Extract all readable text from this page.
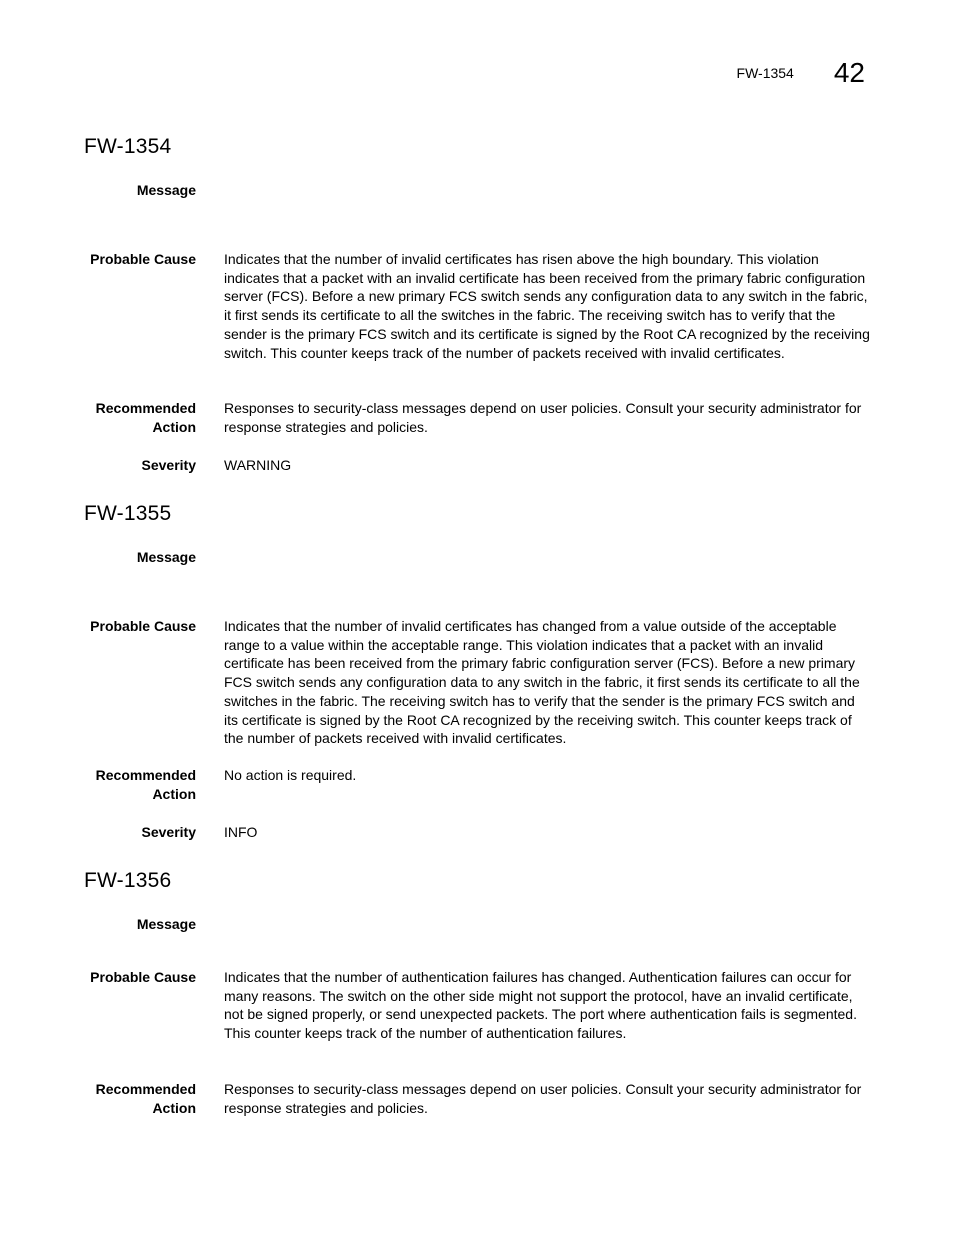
FW-1354 42
FW-1354
Message
Probable Cause Indicates that the number of invalid certificates has risen above the high boundary. This violation indicates that a packet with an invalid certificate has been received from the primary fabric configuration server (FCS). Before a new primary FCS switch sends any configuration data to any switch in the fabric, it first sends its certificate to all the switches in the fabric. The receiving switch has to verify that the sender is the primary FCS switch and its certificate is signed by the Root CA recognized by the receiving switch. This counter keeps track of the number of packets received with invalid certificates.
Recommended
Action
Responses to security-class messages depend on user policies. Consult your security administrator for response strategies and policies.
Severity WARNING
FW-1355
Message
Probable Cause Indicates that the number of invalid certificates has changed from a value outside of the acceptable range to a value within the acceptable range. This violation indicates that a packet with an invalid certificate has been received from the primary fabric configuration server (FCS). Before a new primary FCS switch sends any configuration data to any switch in the fabric, it first sends its certificate to all the switches in the fabric. The receiving switch has to verify that the sender is the primary FCS switch and its certificate is signed by the Root CA recognized by the receiving switch. This counter keeps track of the number of packets received with invalid certificates.
Recommended
Action
No action is required.
Severity INFO
FW-1356
Message
Probable Cause Indicates that the number of authentication failures has changed. Authentication failures can occur for many reasons. The switch on the other side might not support the protocol, have an invalid certificate, not be signed properly, or send unexpected packets. The port where authentication fails is segmented. This counter keeps track of the number of authentication failures.
Recommended
Action
Responses to security-class messages depend on user policies. Consult your security administrator for response strategies and policies.
